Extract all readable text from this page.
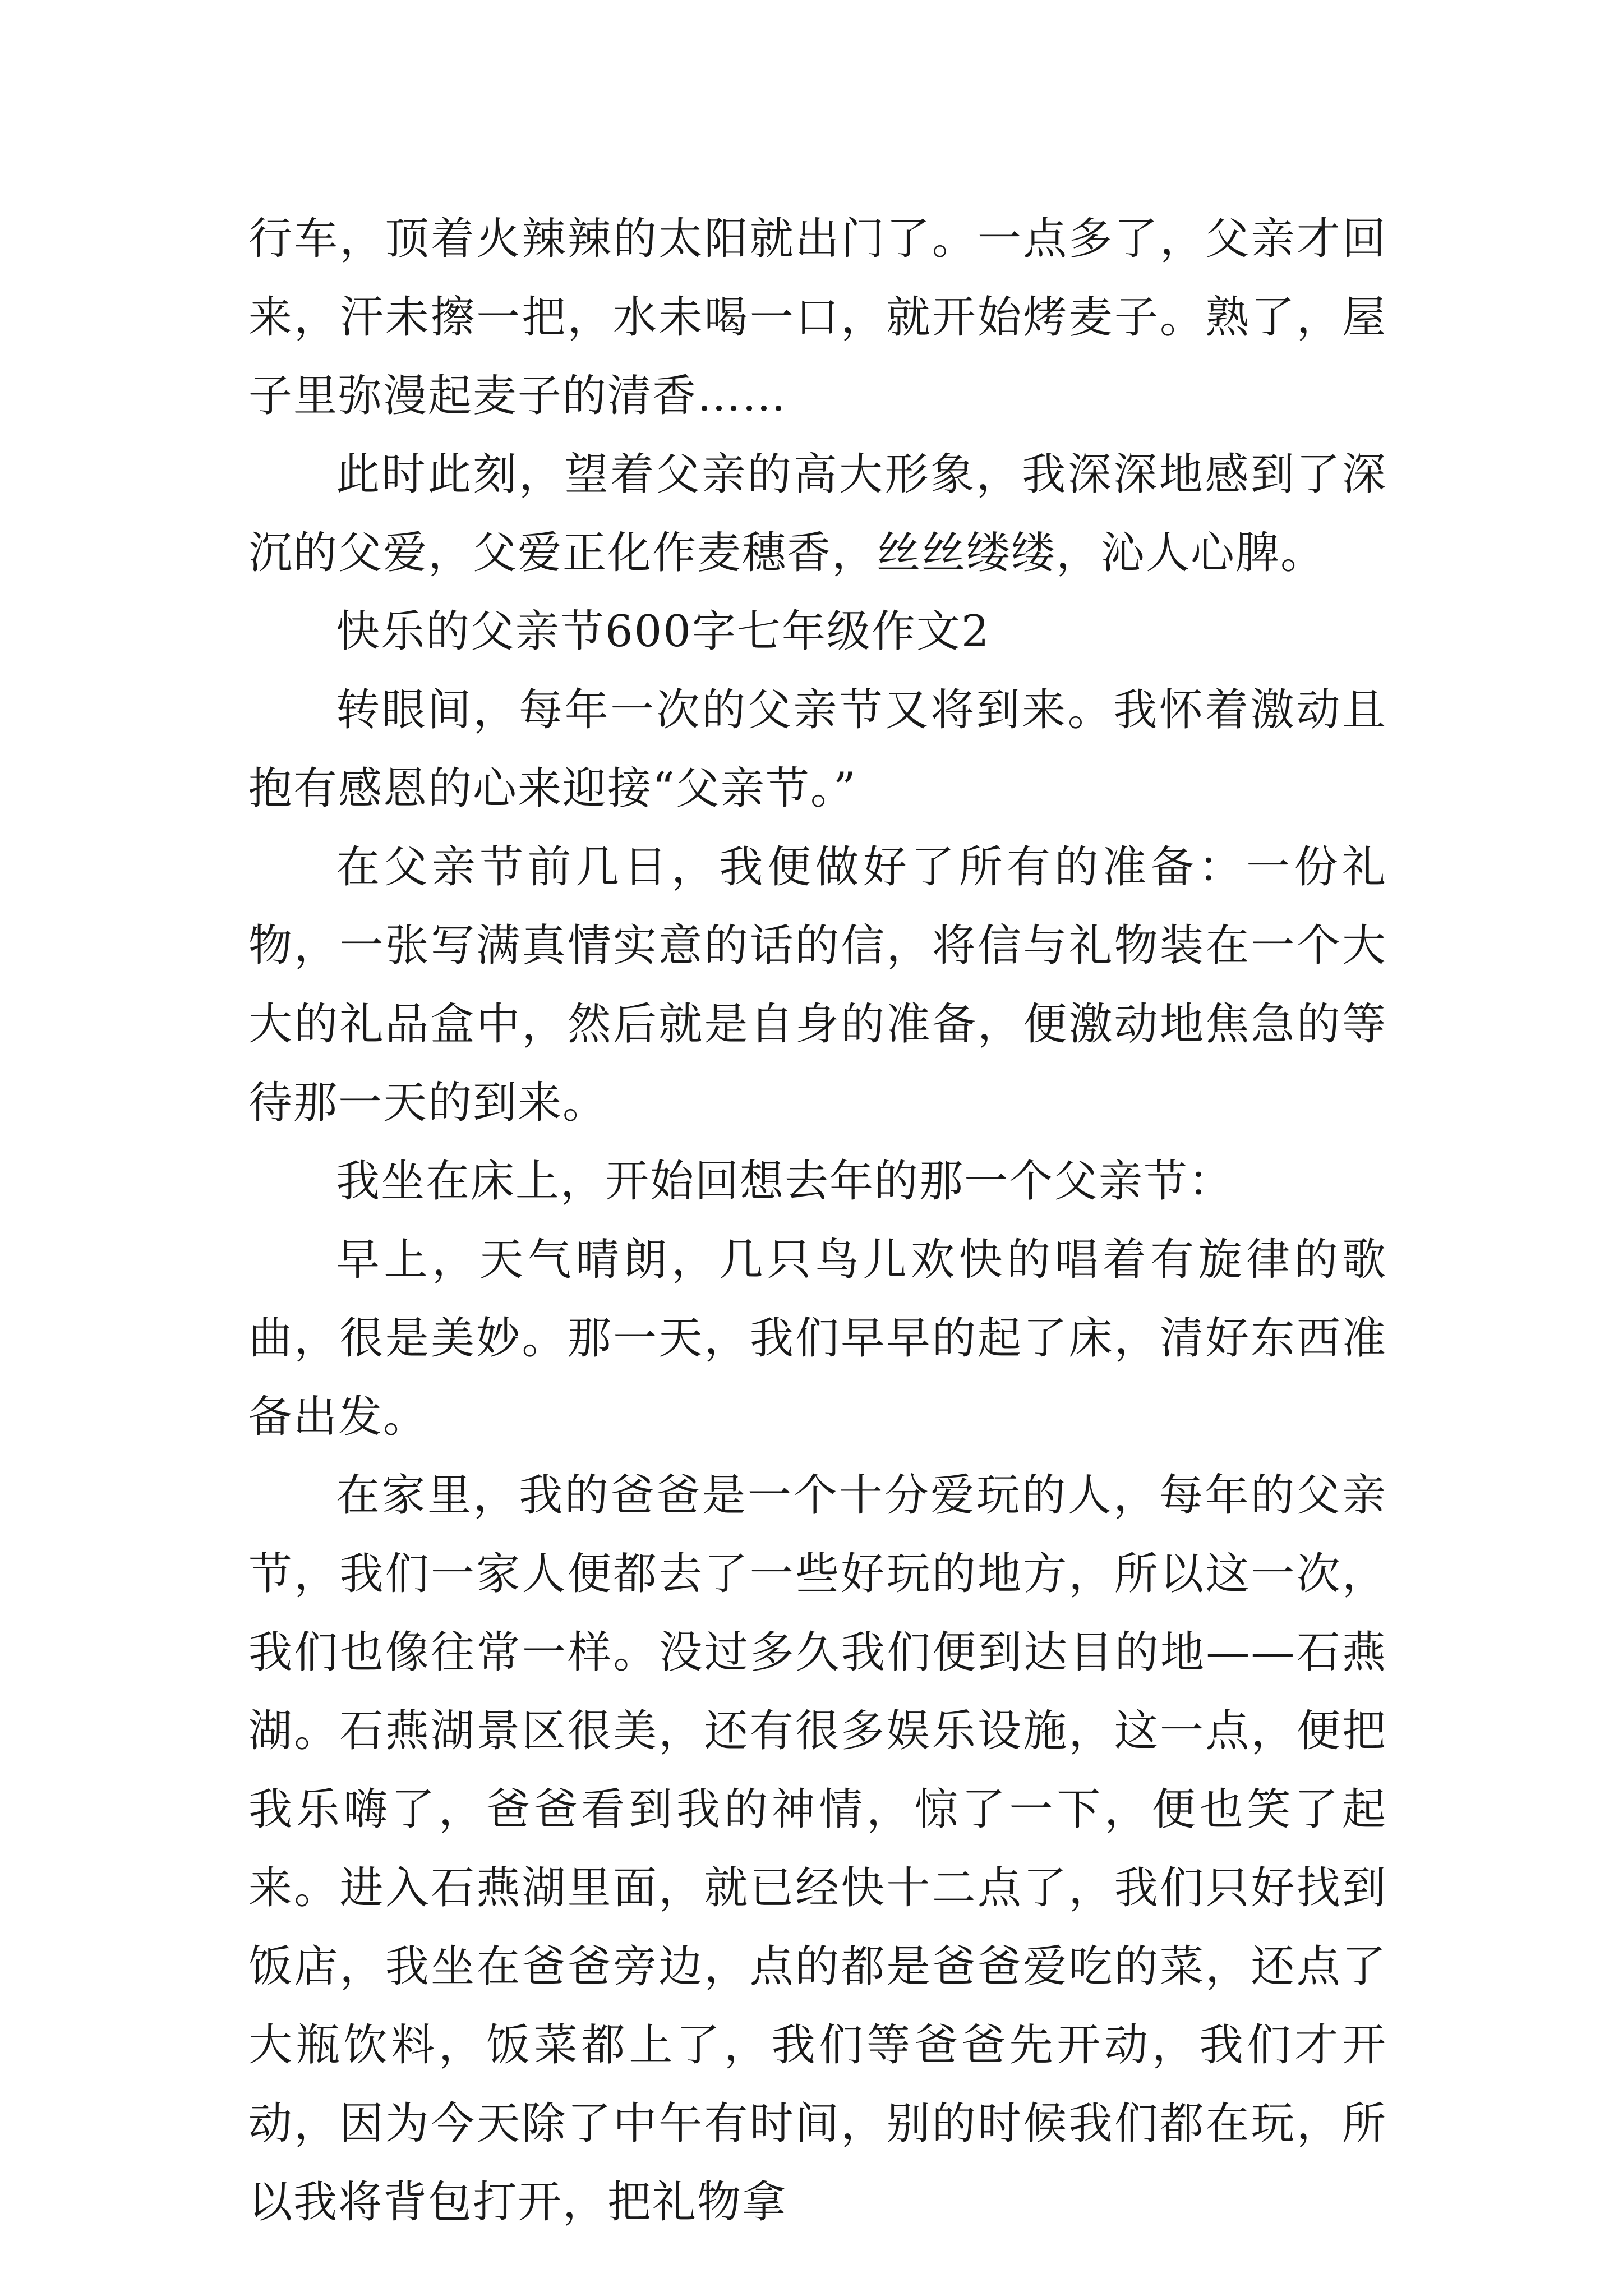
行车，顶着火辣辣的太阳就出门了。一点多了，父亲才回来，汗未擦一把，水未喝一口，就开始烤麦子。熟了，屋子里弥漫起麦子的清香……

此时此刻，望着父亲的高大形象，我深深地感到了深沉的父爱，父爱正化作麦穗香，丝丝缕缕，沁人心脾。

快乐的父亲节600字七年级作文2

转眼间，每年一次的父亲节又将到来。我怀着激动且抱有感恩的心来迎接“父亲节。”

在父亲节前几日，我便做好了所有的准备：一份礼物，一张写满真情实意的话的信，将信与礼物装在一个大大的礼品盒中，然后就是自身的准备，便激动地焦急的等待那一天的到来。

我坐在床上，开始回想去年的那一个父亲节：

早上，天气晴朗，几只鸟儿欢快的唱着有旋律的歌曲，很是美妙。那一天，我们早早的起了床，清好东西准备出发。

在家里，我的爸爸是一个十分爱玩的人，每年的父亲节，我们一家人便都去了一些好玩的地方，所以这一次，我们也像往常一样。没过多久我们便到达目的地——石燕湖。石燕湖景区很美，还有很多娱乐设施，这一点，便把我乐嗨了，爸爸看到我的神情，惊了一下，便也笑了起来。进入石燕湖里面，就已经快十二点了，我们只好找到饭店，我坐在爸爸旁边，点的都是爸爸爱吃的菜，还点了大瓶饮料，饭菜都上了，我们等爸爸先开动，我们才开动，因为今天除了中午有时间，别的时候我们都在玩，所以我将背包打开，把礼物拿
